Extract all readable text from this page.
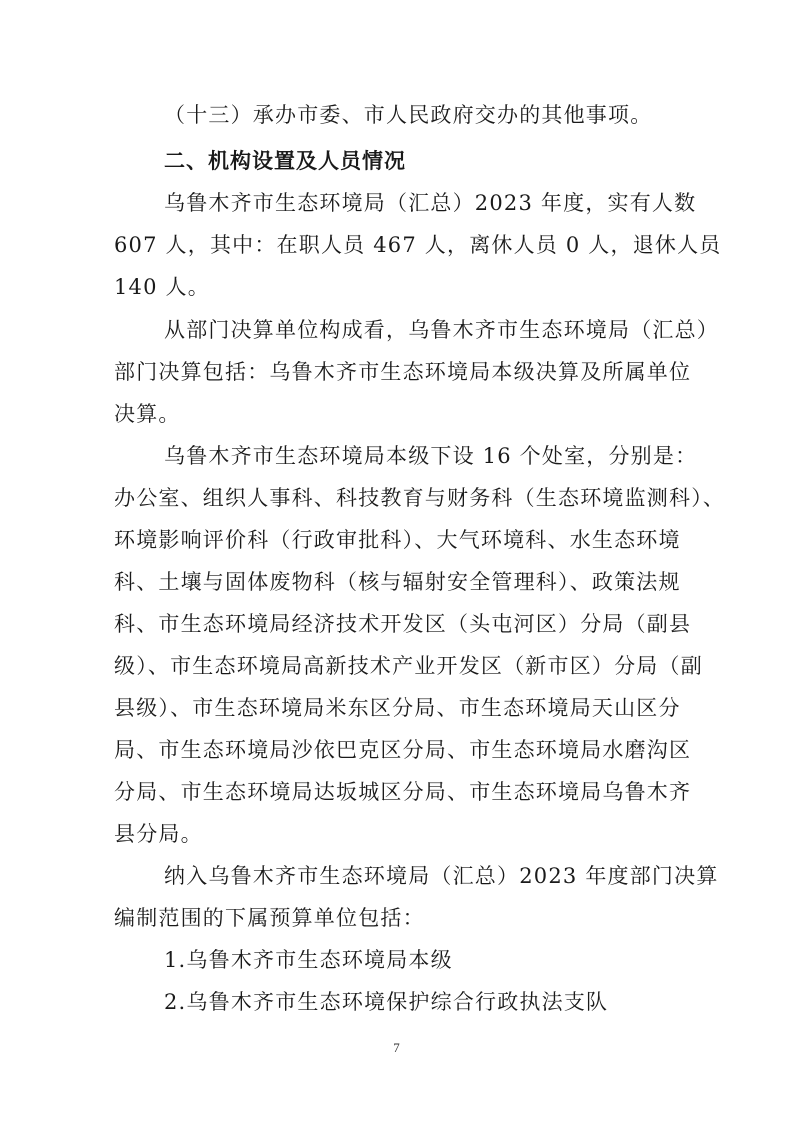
（十三）承办市委、市人民政府交办的其他事项。
二、机构设置及人员情况
乌鲁木齐市生态环境局（汇总）2023 年度，实有人数
607 人，其中：在职人员 467 人，离休人员 0 人，退休人员
140 人。
从部门决算单位构成看，乌鲁木齐市生态环境局（汇总）
部门决算包括：乌鲁木齐市生态环境局本级决算及所属单位
决算。
乌鲁木齐市生态环境局本级下设 16 个处室，分别是：
办公室、组织人事科、科技教育与财务科（生态环境监测科）、
环境影响评价科（行政审批科）、大气环境科、水生态环境
科、土壤与固体废物科（核与辐射安全管理科）、政策法规
科、市生态环境局经济技术开发区（头屯河区）分局（副县
级）、市生态环境局高新技术产业开发区（新市区）分局（副
县级）、市生态环境局米东区分局、市生态环境局天山区分
局、市生态环境局沙依巴克区分局、市生态环境局水磨沟区
分局、市生态环境局达坂城区分局、市生态环境局乌鲁木齐
县分局。
纳入乌鲁木齐市生态环境局（汇总）2023 年度部门决算
编制范围的下属预算单位包括：
1.乌鲁木齐市生态环境局本级
2.乌鲁木齐市生态环境保护综合行政执法支队
7
